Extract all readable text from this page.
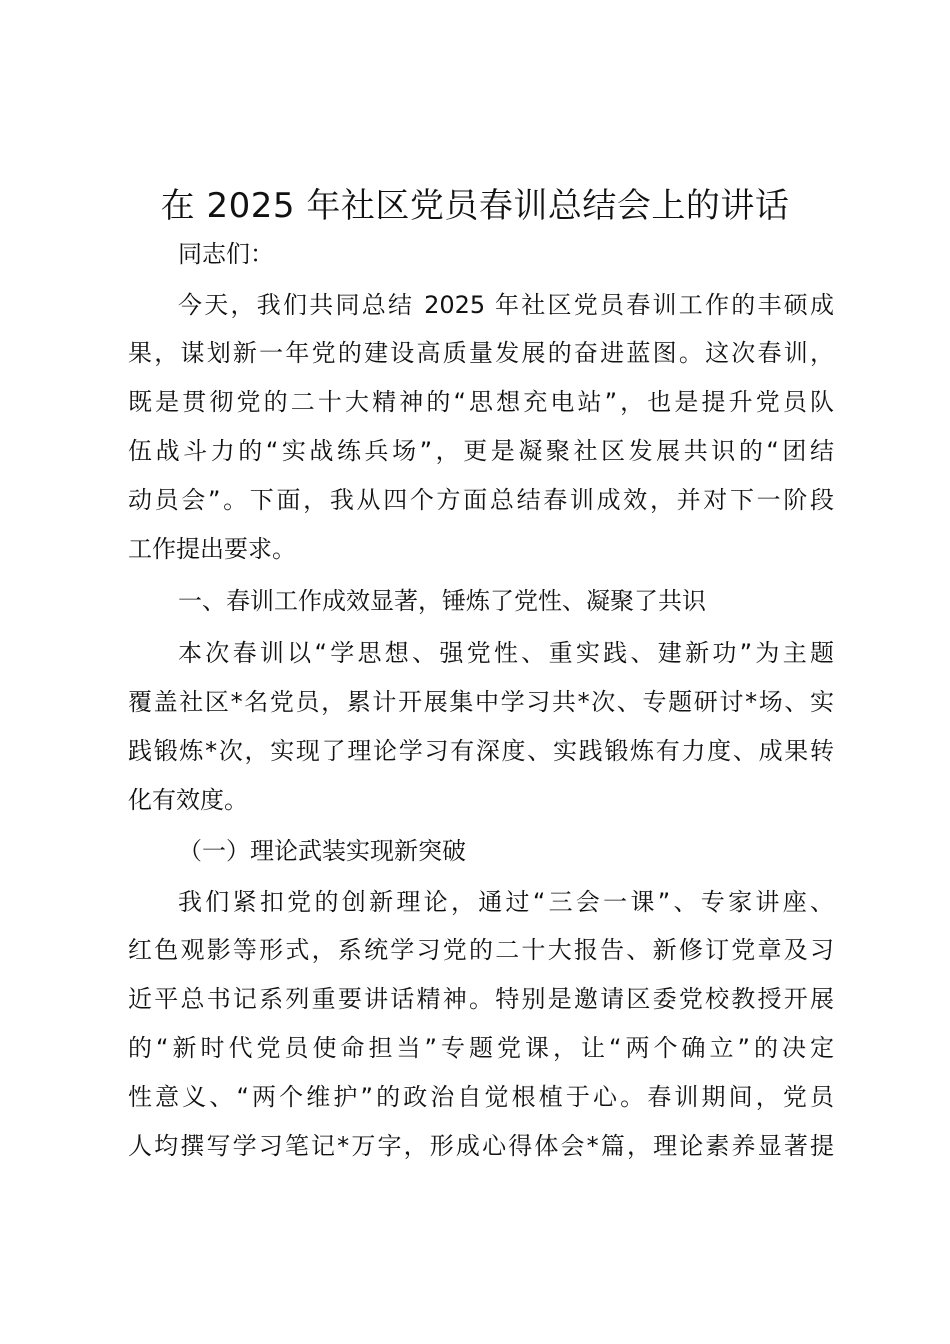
在 2025 年社区党员春训总结会上的讲话
同志们：
今天，我们共同总结 2025 年社区党员春训工作的丰硕成
果，谋划新一年党的建设高质量发展的奋进蓝图。这次春训，
既是贯彻党的二十大精神的“思想充电站”，也是提升党员队
伍战斗力的“实战练兵场”，更是凝聚社区发展共识的“团结
动员会”。下面，我从四个方面总结春训成效，并对下一阶段
工作提出要求。
一、春训工作成效显著，锤炼了党性、凝聚了共识
本次春训以“学思想、强党性、重实践、建新功”为主题
覆盖社区*名党员，累计开展集中学习共*次、专题研讨*场、实
践锻炼*次，实现了理论学习有深度、实践锻炼有力度、成果转
化有效度。
（一）理论武装实现新突破
我们紧扣党的创新理论，通过“三会一课”、专家讲座、
红色观影等形式，系统学习党的二十大报告、新修订党章及习
近平总书记系列重要讲话精神。特别是邀请区委党校教授开展
的“新时代党员使命担当”专题党课，让“两个确立”的决定
性意义、“两个维护”的政治自觉根植于心。春训期间，党员
人均撰写学习笔记*万字，形成心得体会*篇，理论素养显著提
